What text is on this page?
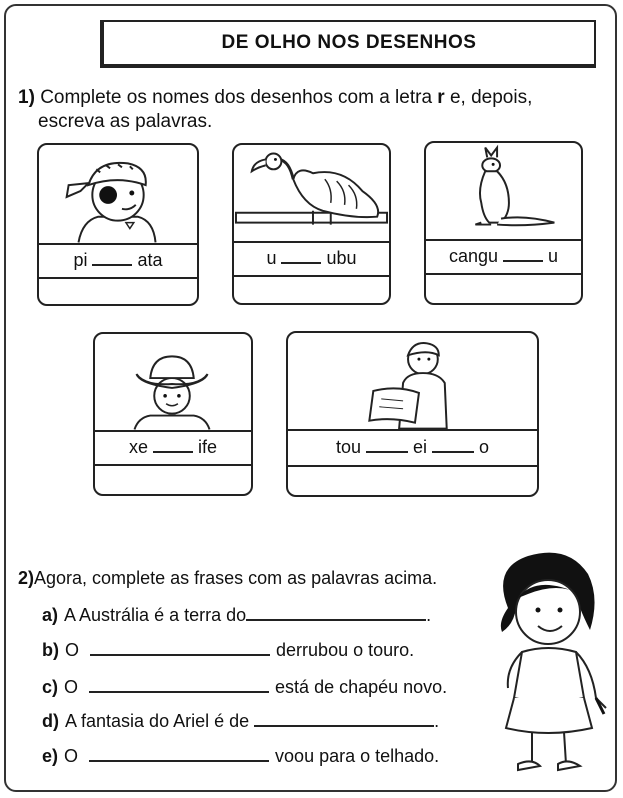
DE OLHO NOS DESENHOS
1) Complete os nomes dos desenhos com a letra r e, depois,
escreva as palavras.
pi	ata	u	ubu	cangu	u
xe	ife	tou	ei	o
2)Agora, complete as frases com as palavras acima.
a) A Austrália é a terra do	.
b) O	derrubou o touro.
c) O	está de chapéu novo.
d) A fantasia do Ariel é de	.
e) O	voou para o telhado.
